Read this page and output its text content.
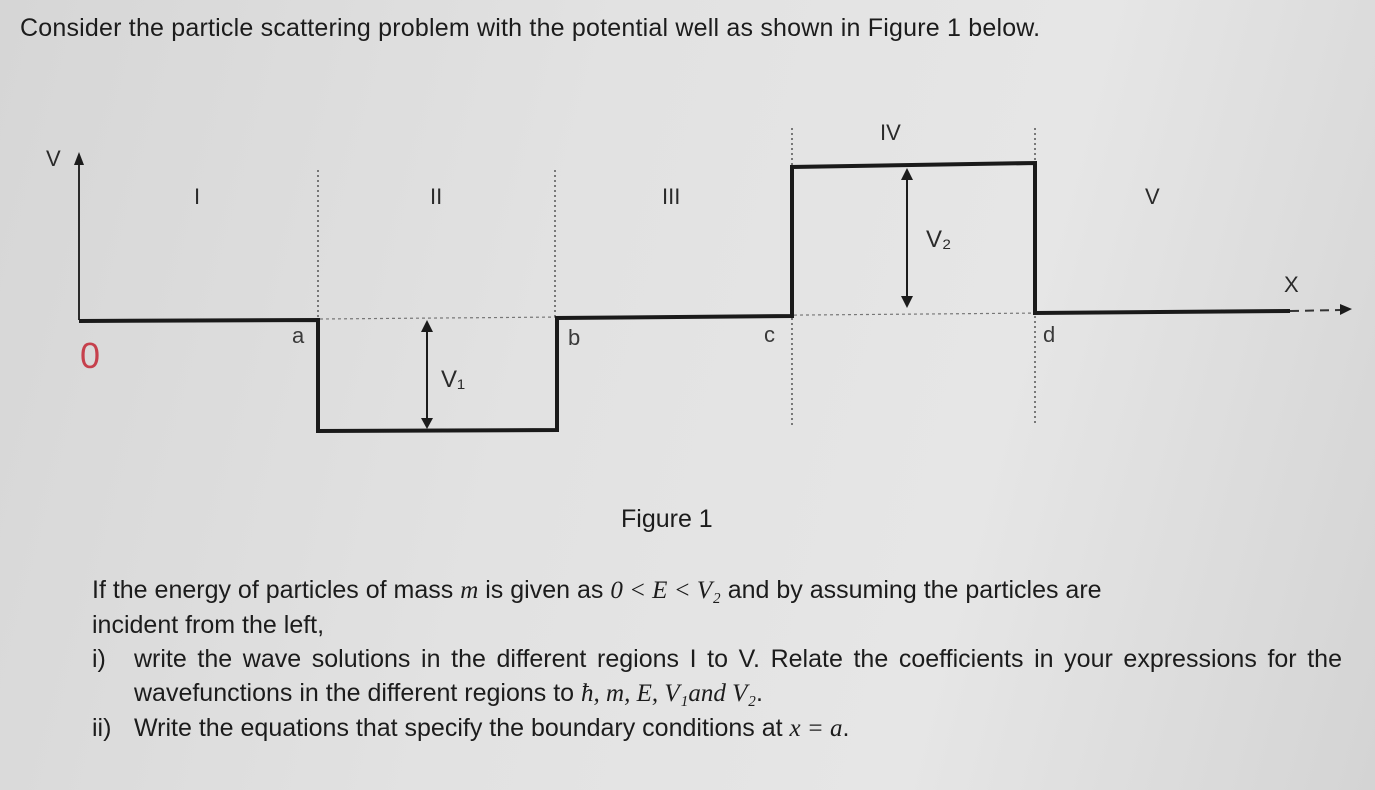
Consider the particle scattering problem with the potential well as shown in Figure 1 below.
V
X
V₁
V₂
I	II	III
IV
V
a	b	c	d
0
Figure 1
If the energy of particles of mass m is given as 0 < E < V₂ and by assuming the particles are
incident from the left,
i) write the wave solutions in the different regions I to V. Relate the coefficients in your expressions for the wavefunctions in the different regions to ħ, m, E, V₁and V₂.
ii) Write the equations that specify the boundary conditions at x = a.
